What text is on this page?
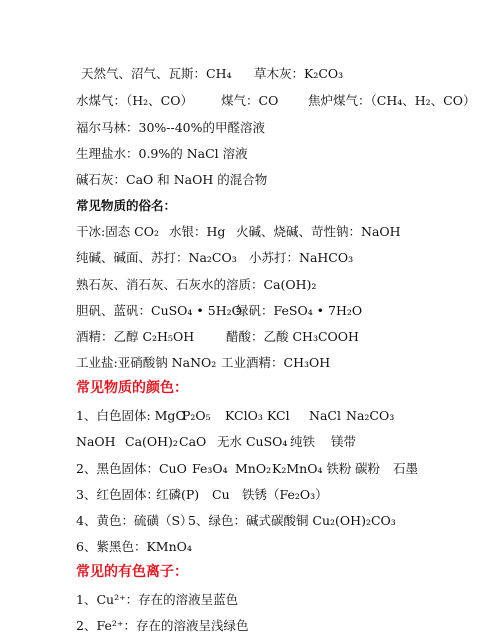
天然气、沼气、瓦斯：CH₄ 草木灰：K₂CO₃
水煤气：（H₂、CO） 煤气：CO 焦炉煤气：（CH₄、H₂、CO）
福尔马林：30%--40%的甲醛溶液
生理盐水：0.9%的 NaCl 溶液
碱石灰：CaO 和 NaOH 的混合物
常见物质的俗名：
干冰:固态 CO₂ 水银：Hg 火碱、烧碱、苛性钠：NaOH
纯碱、碱面、苏打：Na₂CO₃ 小苏打：NaHCO₃
熟石灰、消石灰、石灰水的溶质：Ca(OH)₂
胆矾、蓝矾：CuSO₄ • 5H₂O
绿矾：FeSO₄ • 7H₂O
酒精：乙醇 C₂H₅OH	醋酸：乙酸 CH₃COOH
工业盐:亚硝酸钠 NaNO₂ 工业酒精：CH₃OH
常见物质的颜色：
1、白色固体: MgO
P₂O₅ KClO₃ KCl NaCl Na₂CO₃
NaOH Ca(OH)₂ CaO 无水 CuSO₄ 纯铁 镁带
2、黑色固体：CuO Fe₃O₄ MnO₂ K₂MnO₄ 铁粉 碳粉 石墨
3、红色固体：
红磷(P) Cu 铁锈（Fe₂O₃）
4、黄色：硫磺（S）
5、绿色：碱式碳酸铜 Cu₂(OH)₂CO₃
6、紫黑色：KMnO₄
常见的有色离子：
1、Cu²⁺：存在的溶液呈蓝色
2、Fe²⁺：存在的溶液呈浅绿色
